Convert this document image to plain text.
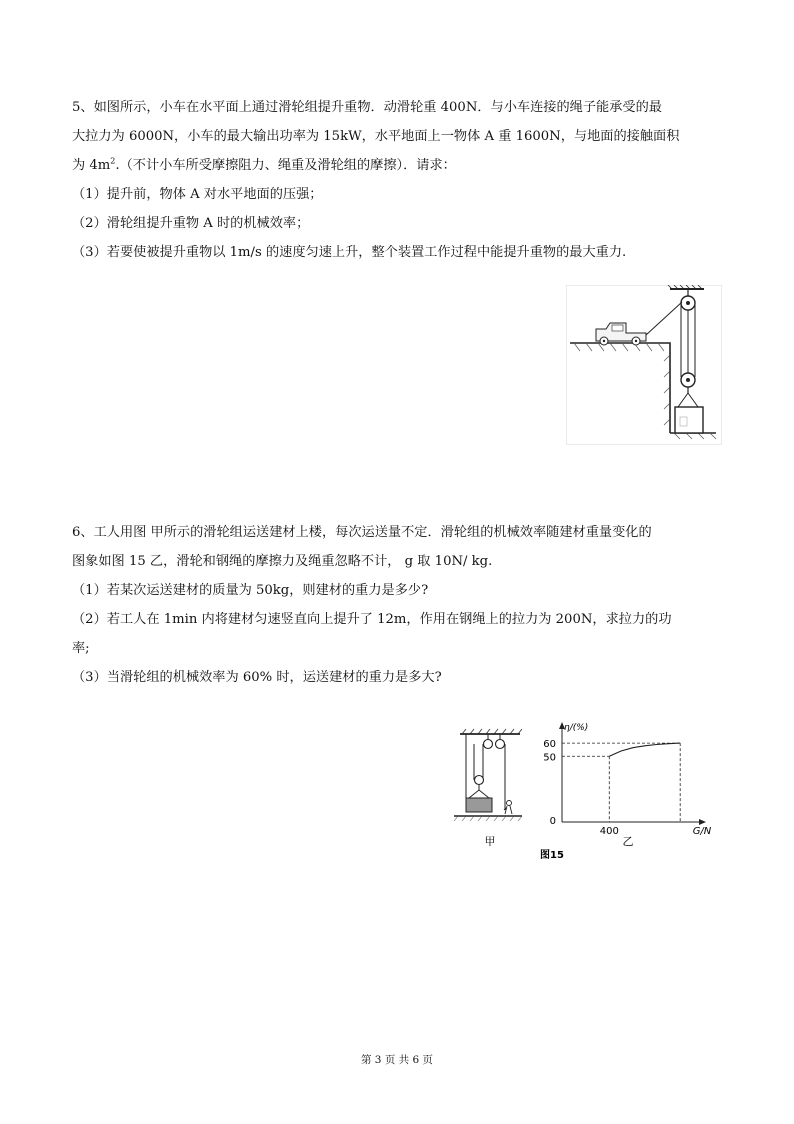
5、如图所示，小车在水平面上通过滑轮组提升重物．动滑轮重 400N．与小车连接的绳子能承受的最
大拉力为 6000N，小车的最大输出功率为 15kW，水平地面上一物体 A 重 1600N，与地面的接触面积
为 $4m^2$.（不计小车所受摩擦阻力、绳重及滑轮组的摩擦）．请求：
（1）提升前，物体 A 对水平地面的压强；
（2）滑轮组提升重物 A 时的机械效率；
（3）若要使被提升重物以 1m/s 的速度匀速上升，整个装置工作过程中能提升重物的最大重力.
6、工人用图 甲所示的滑轮组运送建材上楼，每次运送量不定．滑轮组的机械效率随建材重量变化的
图象如图 15 乙，滑轮和钢绳的摩擦力及绳重忽略不计， g 取 10N/ kg.
（1）若某次运送建材的质量为 50kg，则建材的重力是多少?
（2）若工人在 1min 内将建材匀速竖直向上提升了 12m，作用在钢绳上的拉力为 200N，求拉力的功
率;
（3）当滑轮组的机械效率为 60% 时，运送建材的重力是多大?
甲
η/(%)
60
50
0
400	G/N
乙
图15
第 3 页 共 6 页
